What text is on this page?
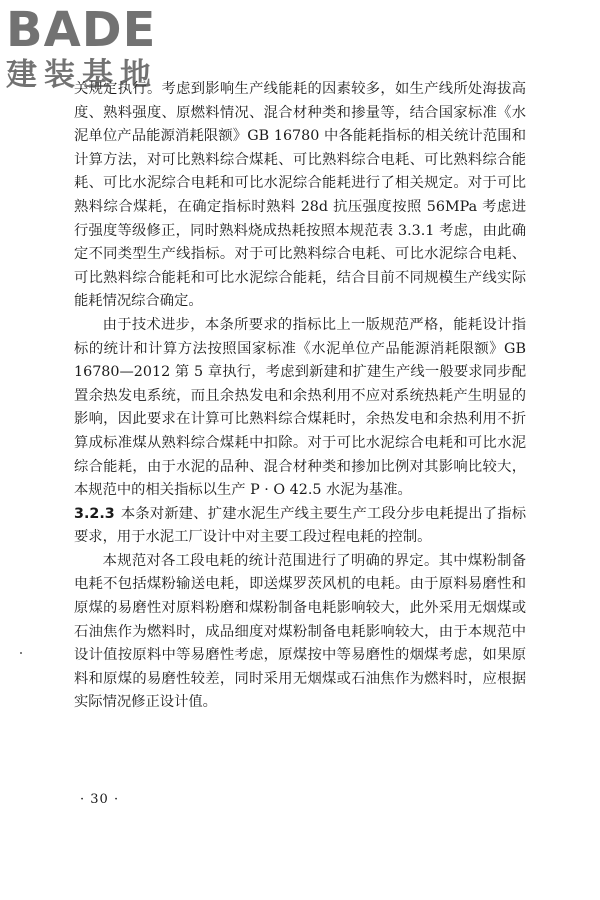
BADE
建装基地

关规定执行。考虑到影响生产线能耗的因素较多，如生产线所处海拔高度、熟料强度、原燃料情况、混合材种类和掺量等，结合国家标准《水泥单位产品能源消耗限额》GB 16780 中各能耗指标的相关统计范围和计算方法，对可比熟料综合煤耗、可比熟料综合电耗、可比熟料综合能耗、可比水泥综合电耗和可比水泥综合能耗进行了相关规定。对于可比熟料综合煤耗，在确定指标时熟料 28d 抗压强度按照 56MPa 考虑进行强度等级修正，同时熟料烧成热耗按照本规范表 3.3.1 考虑，由此确定不同类型生产线指标。对于可比熟料综合电耗、可比水泥综合电耗、可比熟料综合能耗和可比水泥综合能耗，结合目前不同规模生产线实际能耗情况综合确定。

由于技术进步，本条所要求的指标比上一版规范严格，能耗设计指标的统计和计算方法按照国家标准《水泥单位产品能源消耗限额》GB 16780—2012 第 5 章执行，考虑到新建和扩建生产线一般要求同步配置余热发电系统，而且余热发电和余热利用不应对系统热耗产生明显的影响，因此要求在计算可比熟料综合煤耗时，余热发电和余热利用不折算成标准煤从熟料综合煤耗中扣除。对于可比水泥综合电耗和可比水泥综合能耗，由于水泥的品种、混合材种类和掺加比例对其影响比较大，本规范中的相关指标以生产 P · O 42.5 水泥为基准。

3.2.3 本条对新建、扩建水泥生产线主要生产工段分步电耗提出了指标要求，用于水泥工厂设计中对主要工段过程电耗的控制。

本规范对各工段电耗的统计范围进行了明确的界定。其中煤粉制备电耗不包括煤粉输送电耗，即送煤罗茨风机的电耗。由于原料易磨性和原煤的易磨性对原料粉磨和煤粉制备电耗影响较大，此外采用无烟煤或石油焦作为燃料时，成品细度对煤粉制备电耗影响较大，由于本规范中设计值按原料中等易磨性考虑，原煤按中等易磨性的烟煤考虑，如果原料和原煤的易磨性较差，同时采用无烟煤或石油焦作为燃料时，应根据实际情况修正设计值。

· 30 ·
